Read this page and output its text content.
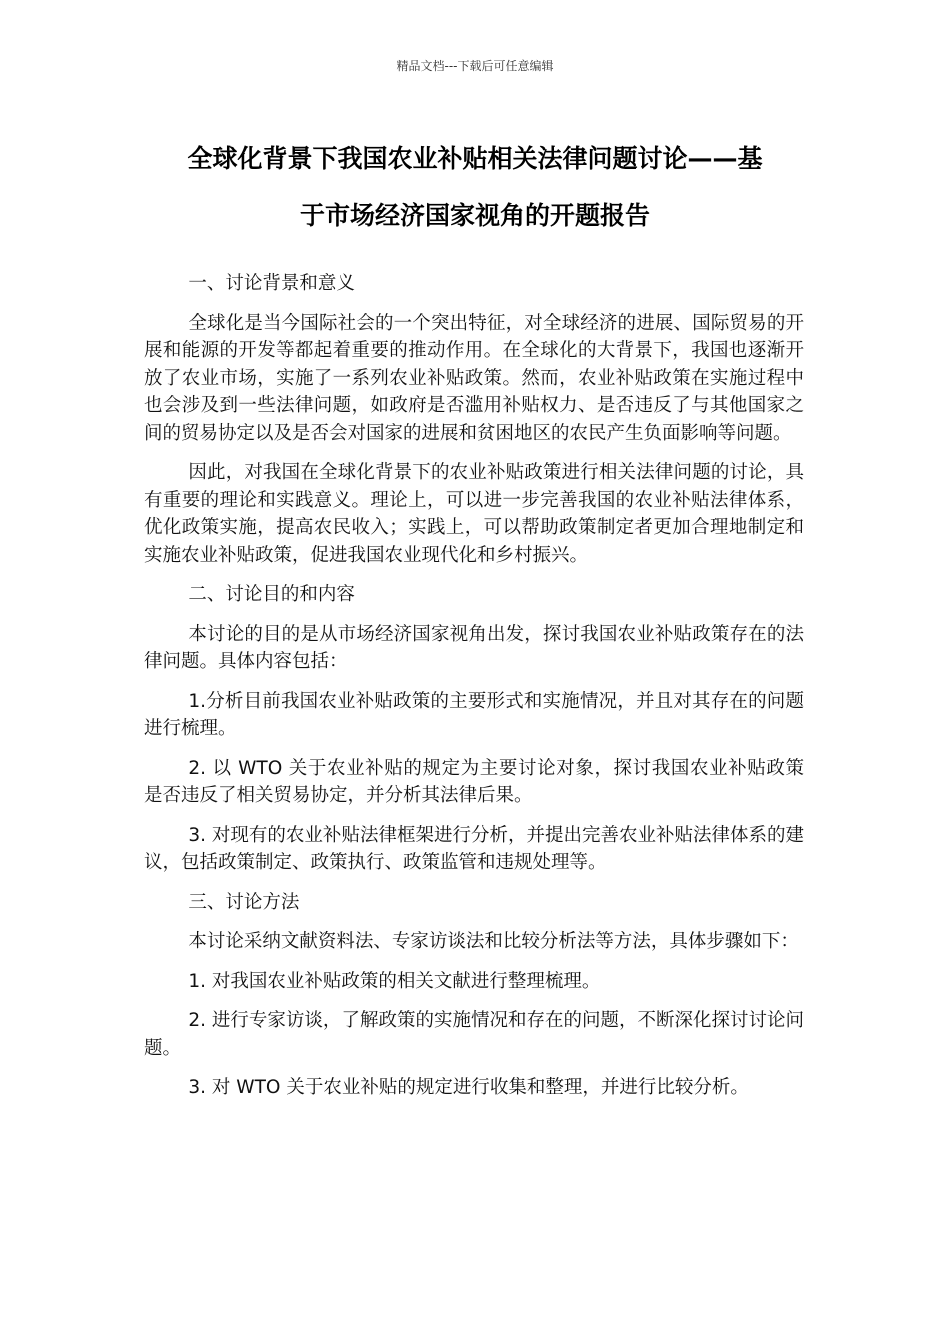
精品文档---下载后可任意编辑
全球化背景下我国农业补贴相关法律问题讨论——基
于市场经济国家视角的开题报告

一、讨论背景和意义

全球化是当今国际社会的一个突出特征，对全球经济的进展、国际贸易的开展和能源的开发等都起着重要的推动作用。在全球化的大背景下，我国也逐渐开放了农业市场，实施了一系列农业补贴政策。然而，农业补贴政策在实施过程中也会涉及到一些法律问题，如政府是否滥用补贴权力、是否违反了与其他国家之间的贸易协定以及是否会对国家的进展和贫困地区的农民产生负面影响等问题。

因此，对我国在全球化背景下的农业补贴政策进行相关法律问题的讨论，具有重要的理论和实践意义。理论上，可以进一步完善我国的农业补贴法律体系，优化政策实施，提高农民收入；实践上，可以帮助政策制定者更加合理地制定和实施农业补贴政策，促进我国农业现代化和乡村振兴。

二、讨论目的和内容

本讨论的目的是从市场经济国家视角出发，探讨我国农业补贴政策存在的法律问题。具体内容包括：

1.分析目前我国农业补贴政策的主要形式和实施情况，并且对其存在的问题进行梳理。

2. 以 WTO 关于农业补贴的规定为主要讨论对象，探讨我国农业补贴政策是否违反了相关贸易协定，并分析其法律后果。

3. 对现有的农业补贴法律框架进行分析，并提出完善农业补贴法律体系的建议，包括政策制定、政策执行、政策监管和违规处理等。

三、讨论方法

本讨论采纳文献资料法、专家访谈法和比较分析法等方法，具体步骤如下：

1. 对我国农业补贴政策的相关文献进行整理梳理。

2. 进行专家访谈，了解政策的实施情况和存在的问题，不断深化探讨讨论问题。

3. 对 WTO 关于农业补贴的规定进行收集和整理，并进行比较分析。
